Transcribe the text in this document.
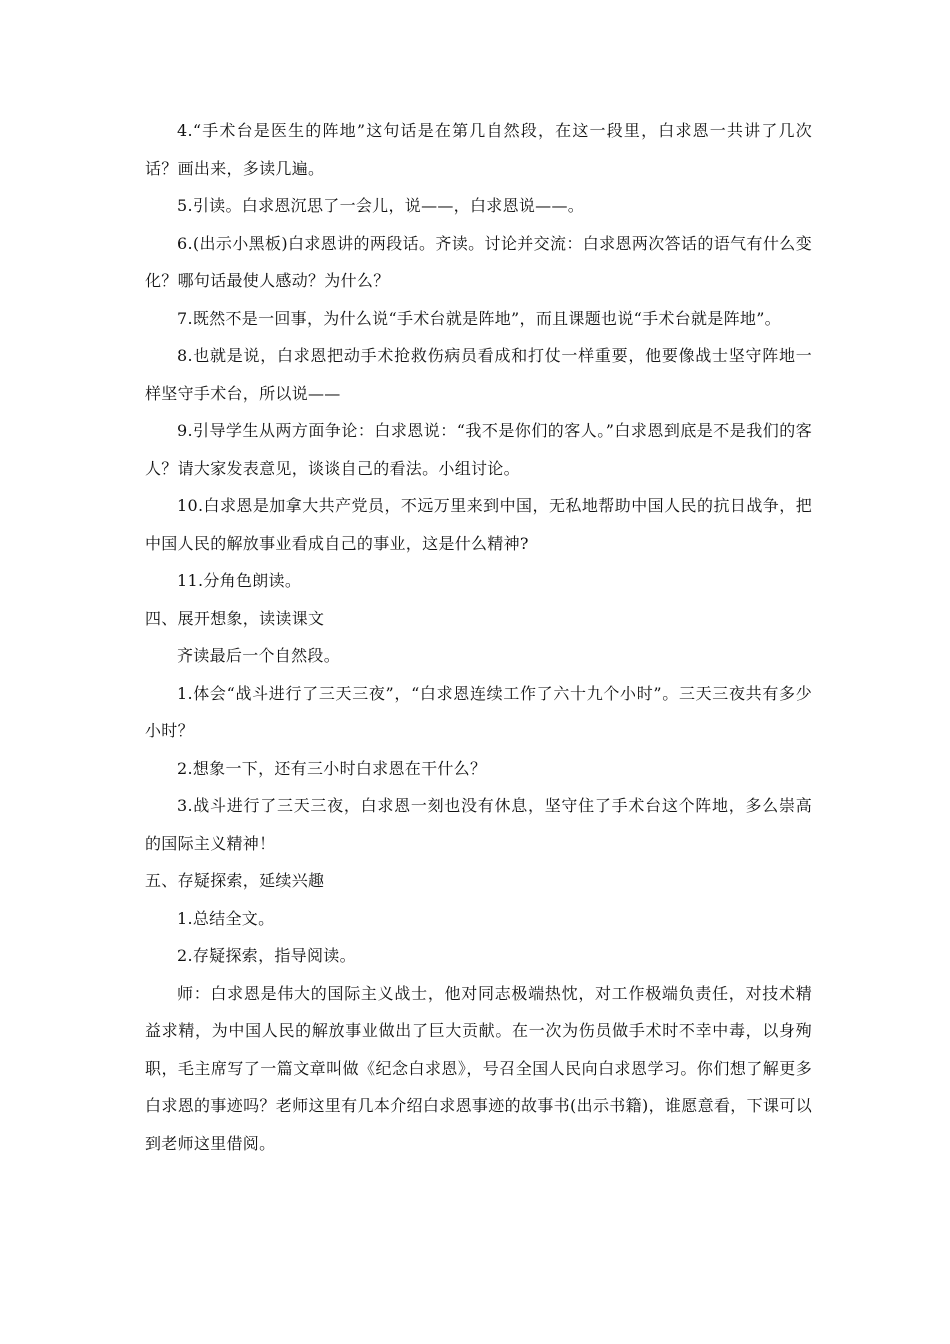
4.“手术台是医生的阵地”这句话是在第几自然段，在这一段里，白求恩一共讲了几次话？画出来，多读几遍。

5.引读。白求恩沉思了一会儿，说——，白求恩说——。

6.(出示小黑板)白求恩讲的两段话。齐读。讨论并交流：白求恩两次答话的语气有什么变化？哪句话最使人感动？为什么？

7.既然不是一回事，为什么说“手术台就是阵地”，而且课题也说“手术台就是阵地”。

8.也就是说，白求恩把动手术抢救伤病员看成和打仗一样重要，他要像战士坚守阵地一样坚守手术台，所以说——

9.引导学生从两方面争论：白求恩说：“我不是你们的客人。”白求恩到底是不是我们的客人？请大家发表意见，谈谈自己的看法。小组讨论。

10.白求恩是加拿大共产党员，不远万里来到中国，无私地帮助中国人民的抗日战争，把中国人民的解放事业看成自己的事业，这是什么精神?

11.分角色朗读。

四、展开想象，读读课文

齐读最后一个自然段。

1.体会“战斗进行了三天三夜”，“白求恩连续工作了六十九个小时”。三天三夜共有多少小时？

2.想象一下，还有三小时白求恩在干什么？

3.战斗进行了三天三夜，白求恩一刻也没有休息，坚守住了手术台这个阵地，多么崇高的国际主义精神！

五、存疑探索，延续兴趣

1.总结全文。

2.存疑探索，指导阅读。

师：白求恩是伟大的国际主义战士，他对同志极端热忱，对工作极端负责任，对技术精益求精，为中国人民的解放事业做出了巨大贡献。在一次为伤员做手术时不幸中毒，以身殉职，毛主席写了一篇文章叫做《纪念白求恩》，号召全国人民向白求恩学习。你们想了解更多白求恩的事迹吗？老师这里有几本介绍白求恩事迹的故事书(出示书籍)，谁愿意看，下课可以到老师这里借阅。
